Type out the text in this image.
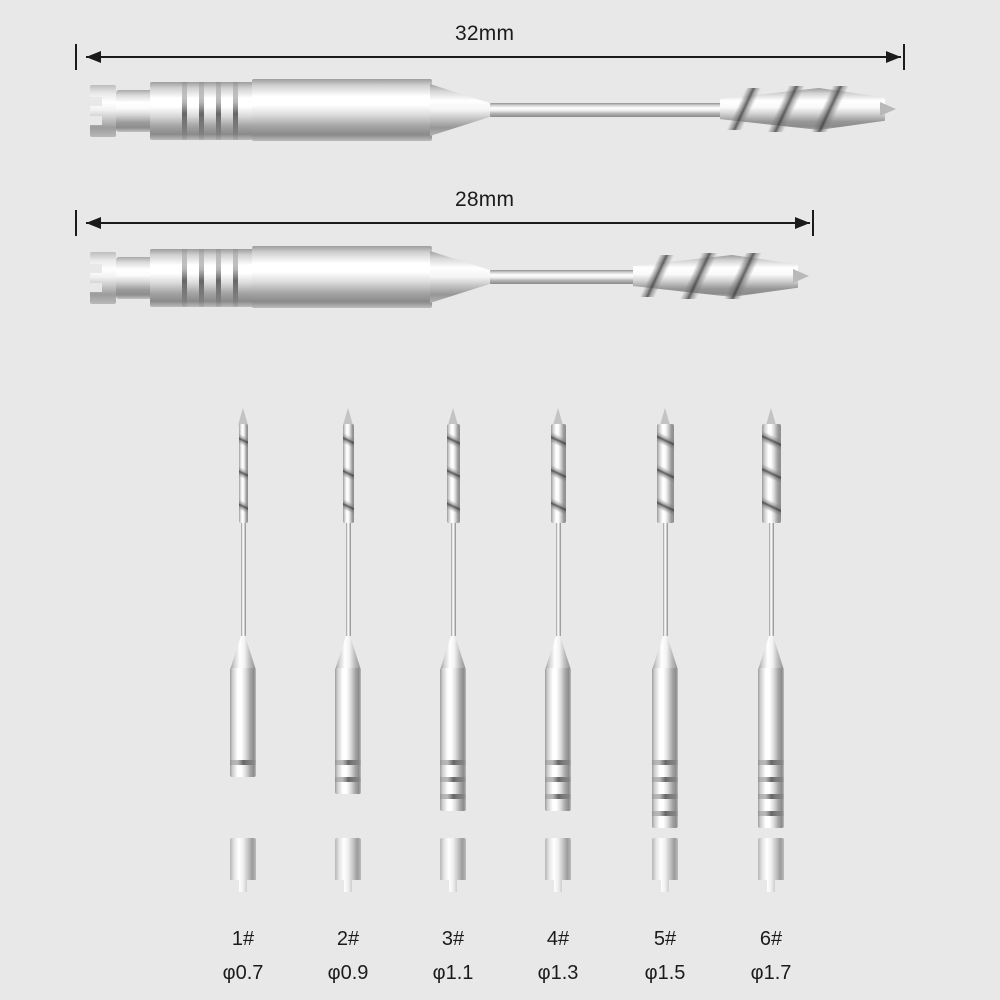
32mm
28mm
1#
φ0.7
2#
φ0.9
3#
φ1.1
4#
φ1.3
5#
φ1.5
6#
φ1.7
